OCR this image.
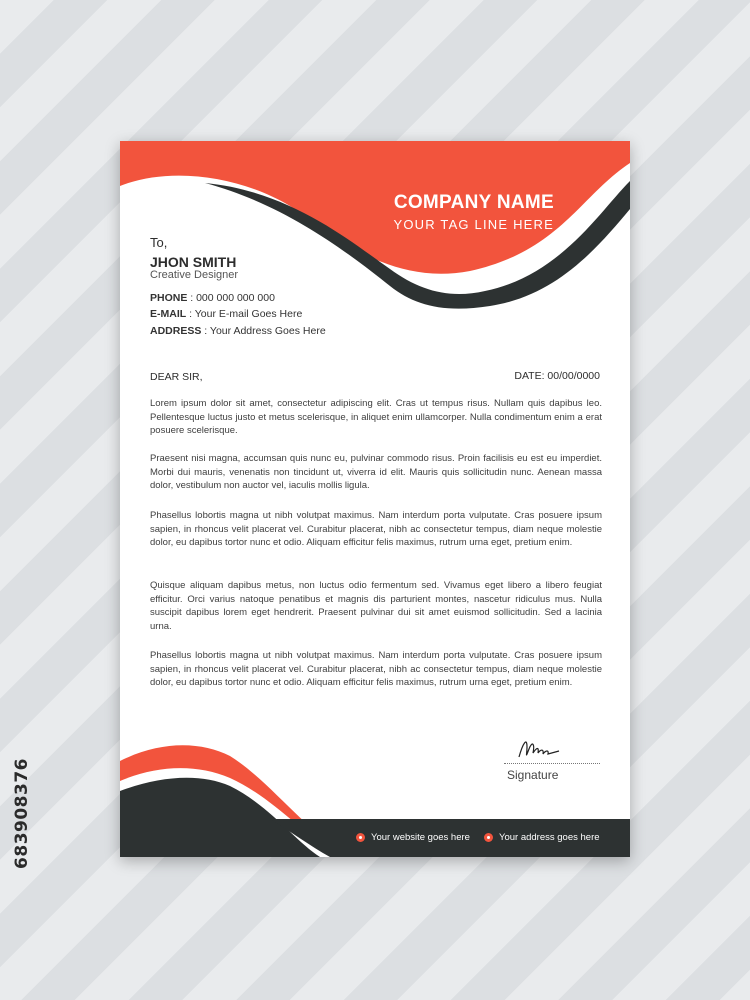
683908376
COMPANY NAME
YOUR TAG LINE HERE
To,
JHON SMITH
Creative Designer
PHONE : 000 000 000 000
E-MAIL : Your E-mail Goes Here
ADDRESS : Your Address Goes Here
DEAR SIR,	DATE: 00/00/0000
Lorem ipsum dolor sit amet, consectetur adipiscing elit. Cras ut tempus risus. Nullam quis dapibus leo. Pellentesque luctus justo et metus scelerisque, in aliquet enim ullamcorper. Nulla condimentum enim a erat posuere scelerisque.
Praesent nisi magna, accumsan quis nunc eu, pulvinar commodo risus. Proin facilisis eu est eu imperdiet. Morbi dui mauris, venenatis non tincidunt ut, viverra id elit. Mauris quis sollicitudin nunc. Aenean massa dolor, vestibulum non auctor vel, iaculis mollis ligula.
Phasellus lobortis magna ut nibh volutpat maximus. Nam interdum porta vulputate. Cras posuere ipsum sapien, in rhoncus velit placerat vel. Curabitur placerat, nibh ac consectetur tempus, diam neque molestie dolor, eu dapibus tortor nunc et odio. Aliquam efficitur felis maximus, rutrum urna eget, pretium enim.
Quisque aliquam dapibus metus, non luctus odio fermentum sed. Vivamus eget libero a libero feugiat efficitur. Orci varius natoque penatibus et magnis dis parturient montes, nascetur ridiculus mus. Nulla suscipit dapibus lorem eget hendrerit. Praesent pulvinar dui sit amet euismod sollicitudin. Sed a lacinia urna.
Phasellus lobortis magna ut nibh volutpat maximus. Nam interdum porta vulputate. Cras posuere ipsum sapien, in rhoncus velit placerat vel. Curabitur placerat, nibh ac consectetur tempus, diam neque molestie dolor, eu dapibus tortor nunc et odio. Aliquam efficitur felis maximus, rutrum urna eget, pretium enim.
Signature
Your website goes here	Your address goes here
